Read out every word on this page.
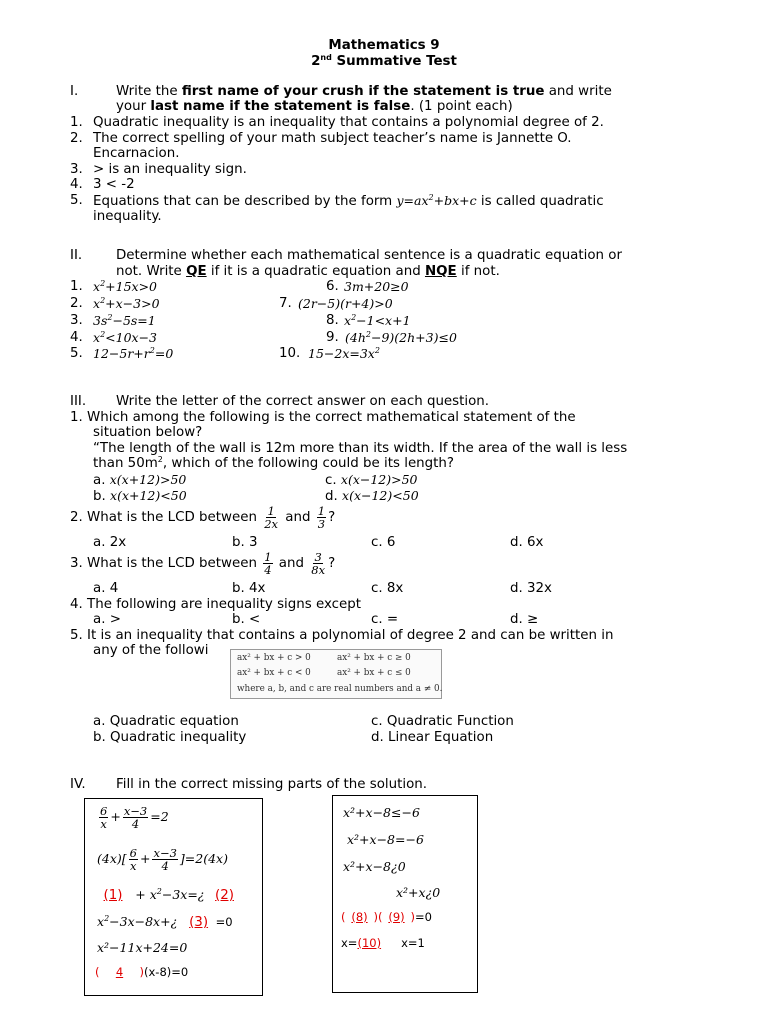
Mathematics 9
2nd Summative Test
I.	Write the first name of your crush if the statement is true and write
your last name if the statement is false. (1 point each)
1. Quadratic inequality is an inequality that contains a polynomial degree of 2.
2. The correct spelling of your math subject teacher’s name is Jannette O.
Encarnacion.
3. > is an inequality sign.
4. 3 < -2
5. Equations that can be described by the form $y=ax^2+bx+c$ is called quadratic
inequality.
II.	Determine whether each mathematical sentence is a quadratic equation or
not. Write QE if it is a quadratic equation and NQE if not.
1. $x^2+15x>0$
2. $x^2+x-3>0$
3. $3s^2-5s=1$
4. $x^2<10x-3$
5. $12-5r+r^2=0$
6. 3m+20≥0
7. (2r−5)(r+4)>0
8. $x^2-1<x+1$
9. $(4h^2-9)(2h+3)\le 0$
10. $15-2x=3x^2$
III. Write the letter of the correct answer on each question.
1. Which among the following is the correct mathematical statement of the
situation below?
“The length of the wall is 12m more than its width. If the area of the wall is less
than $50m^2$, which of the following could be its length?
a. x(x+12)>50
b. x(x+12)<50
c. x(x−12)>50
d. x(x−12)<50
2. What is the LCD between $\frac{1}{2x}$ and $\frac{1}{3}$ ?
a. 2x	b. 3	c. 6	d. 6x
3. What is the LCD between $\frac{1}{4}$ and $\frac{3}{8x}$ ?
a. 4	b. 4x	c. 8x	d. 32x
4. The following are inequality signs except
a. >	b. <	c. =	d. ≥
5. It is an inequality that contains a polynomial of degree 2 and can be written in
any of the followi	ax² + bx + c > 0	ax² + bx + c ≥ 0
ax² + bx + c < 0	ax² + bx + c ≤ 0
where a, b, and c are real numbers and a ≠ 0.
a. Quadratic equation	c. Quadratic Function
b. Quadratic inequality	d. Linear Equation
IV. Fill in the correct missing parts of the solution.
$\frac{6}{x} + \frac{x-3}{4} =2$
$(4x)[ \frac{6}{x} + \frac{x-3}{4} ]=2(4x)$
$(1) + x^2-3x=¿$ (2)
$x^2-3x-8x+¿$ (3) =0
x²−11x+24=0
( 4 )(x-8)=0
x²+x−8≤−6
x²+x−8=−6
x²+x−8¿0
x²+x¿0
( (8) )( (9) )=0
x=(10) x=1
